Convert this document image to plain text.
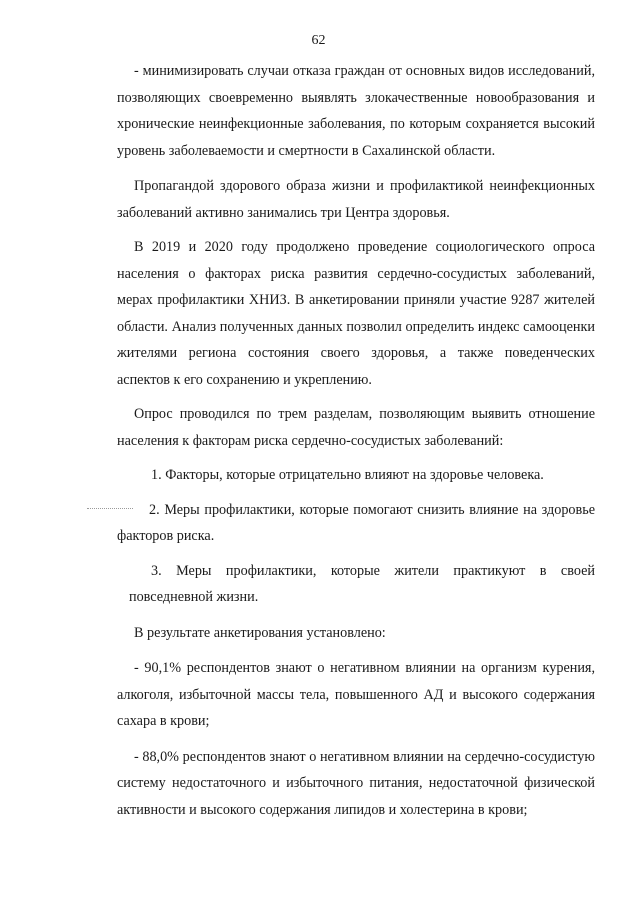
62

- минимизировать случаи отказа граждан от основных видов исследований, позволяющих своевременно выявлять злокачественные новообразования и хронические неинфекционные заболевания, по которым сохраняется высокий уровень заболеваемости и смертности в Сахалинской области.

Пропагандой здорового образа жизни и профилактикой неинфекционных заболеваний активно занимались три Центра здоровья.

В 2019 и 2020 году продолжено проведение социологического опроса населения о факторах риска развития сердечно-сосудистых заболеваний, мерах профилактики ХНИЗ. В анкетировании приняли участие 9287 жителей области. Анализ полученных данных позволил определить индекс самооценки жителями региона состояния своего здоровья, а также поведенческих аспектов к его сохранению и укреплению.

Опрос проводился по трем разделам, позволяющим выявить отношение населения к факторам риска сердечно-сосудистых заболеваний:

1. Факторы, которые отрицательно влияют на здоровье человека.

2. Меры профилактики, которые помогают снизить влияние на здоровье факторов риска.

3. Меры профилактики, которые жители практикуют в своей повседневной жизни.

В результате анкетирования установлено:

- 90,1% респондентов знают о негативном влиянии на организм курения, алкоголя, избыточной массы тела, повышенного АД и высокого содержания сахара в крови;

- 88,0% респондентов знают о негативном влиянии на сердечно-сосудистую систему недостаточного и избыточного питания, недостаточной физической активности и высокого содержания липидов и холестерина в крови;
